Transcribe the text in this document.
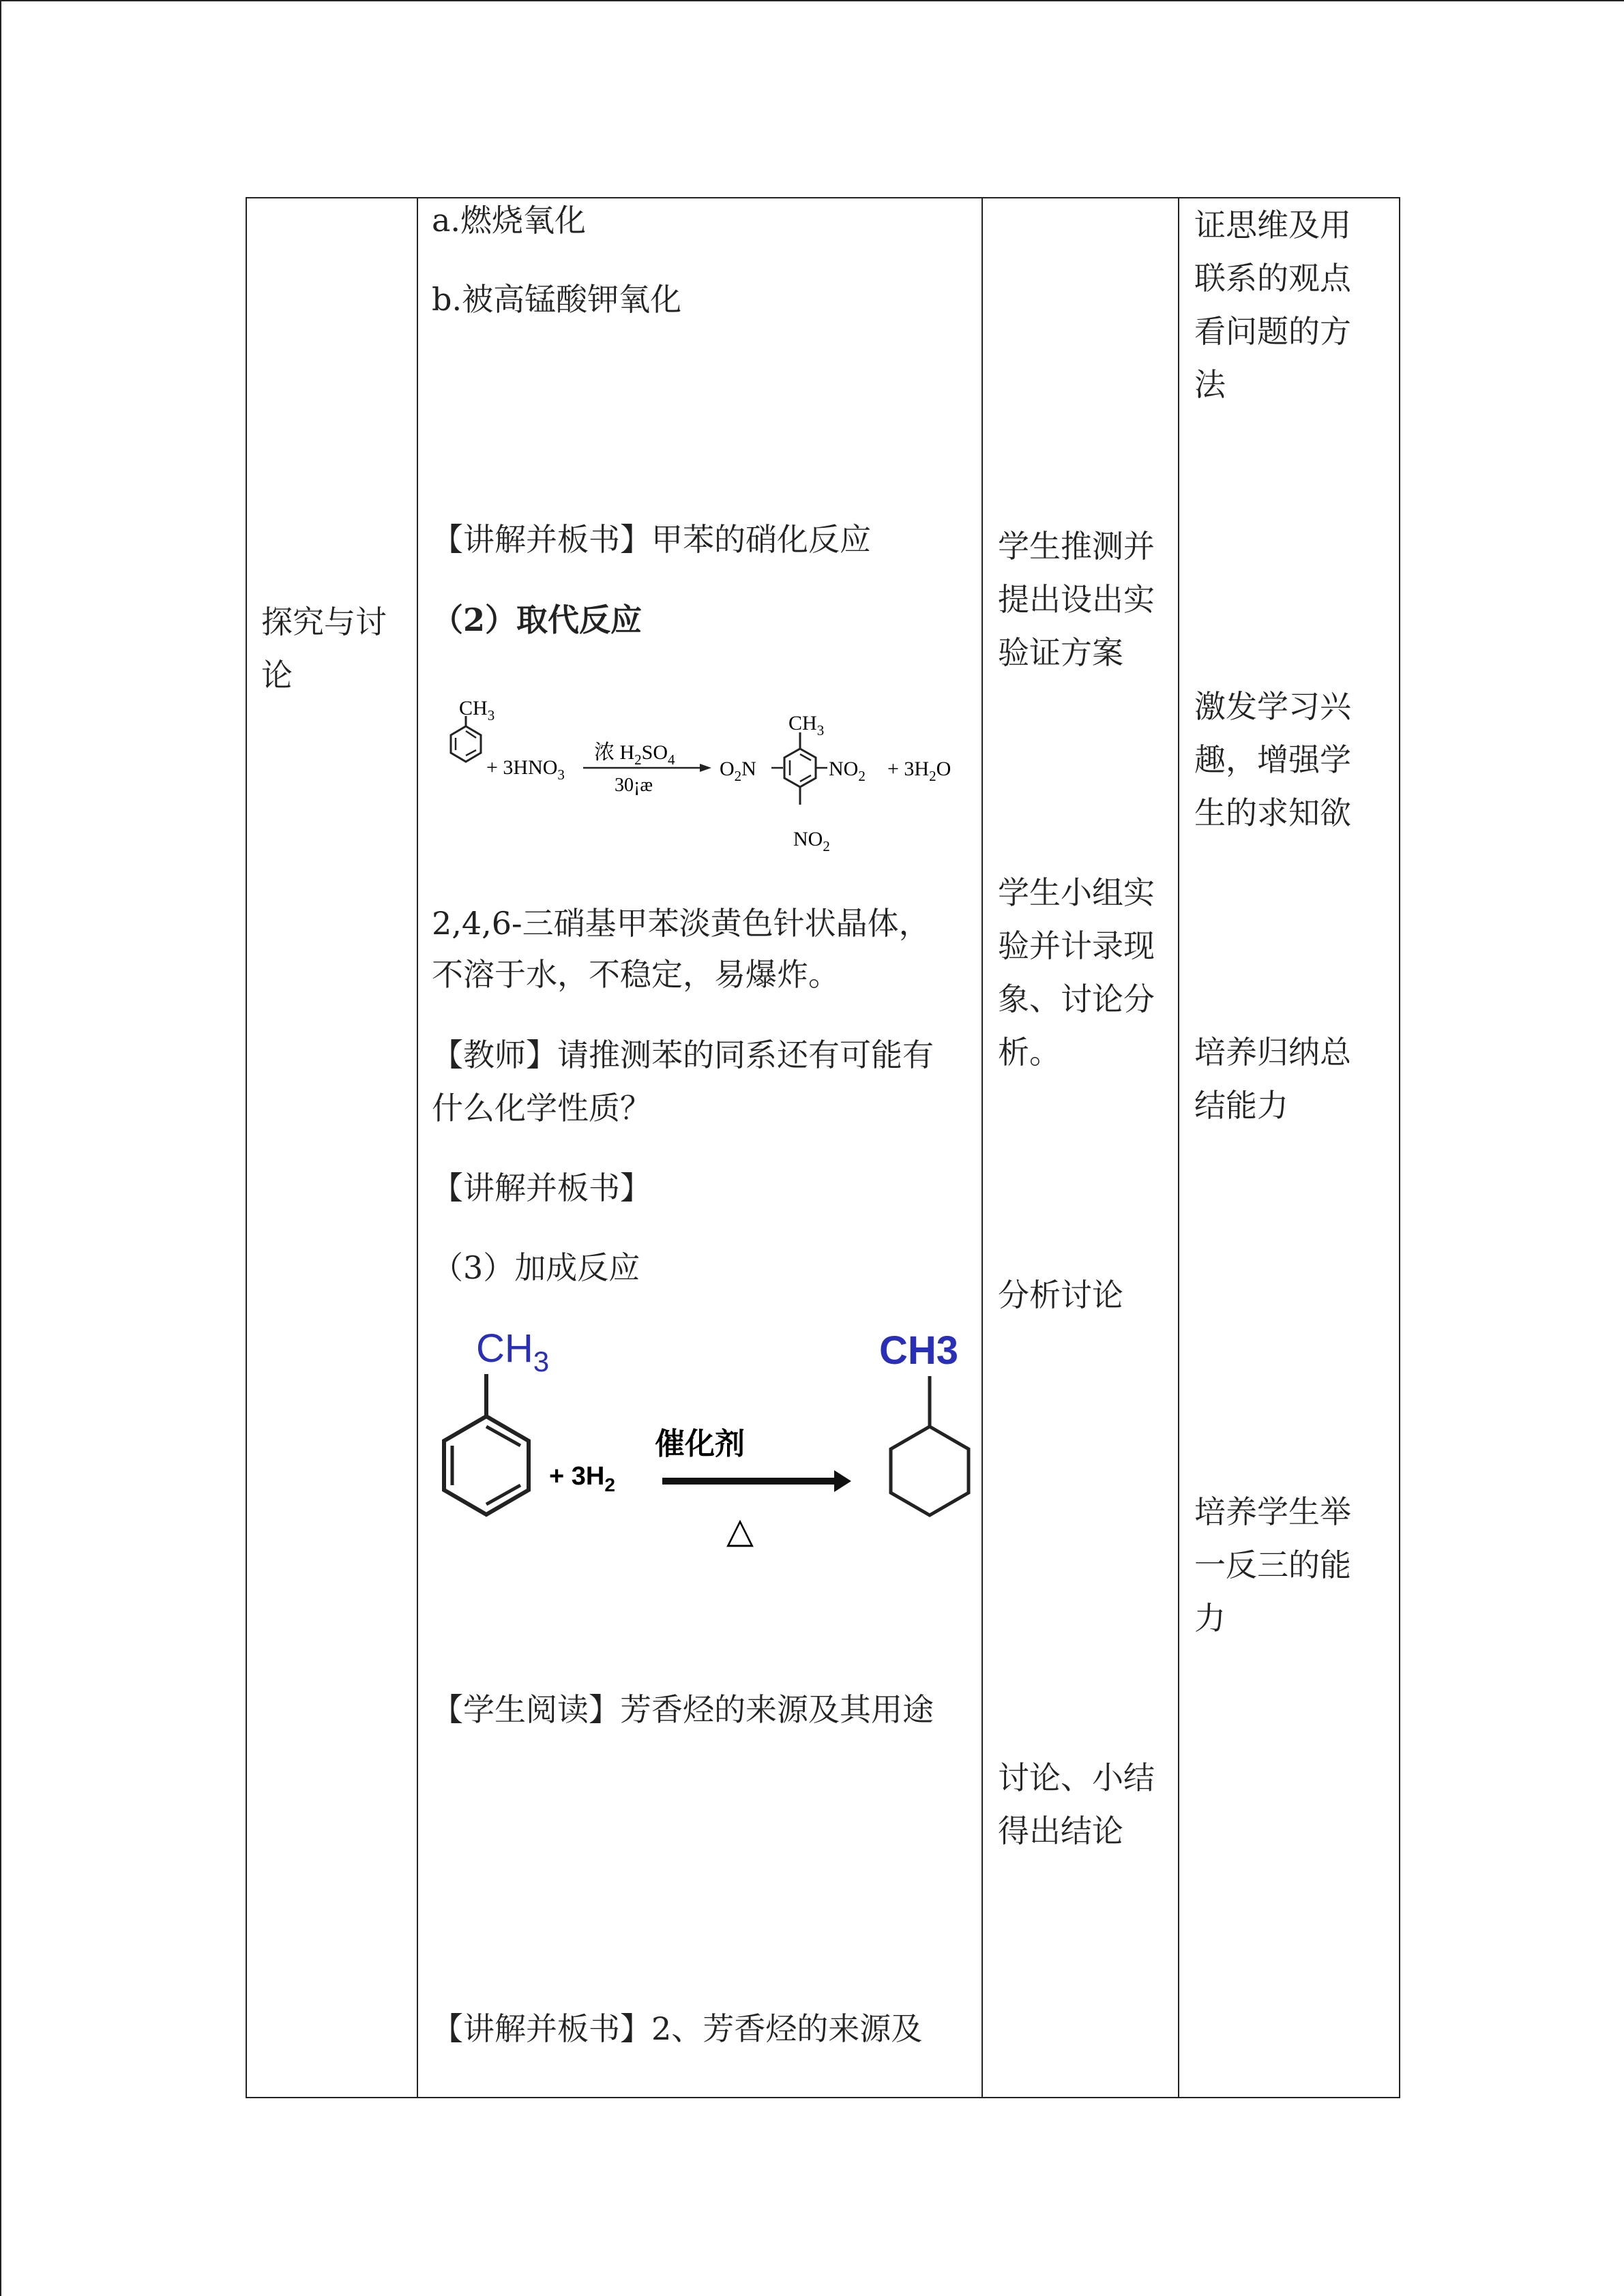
探究与讨
论
a.燃烧氧化
b.被高锰酸钾氧化
【讲解并板书】甲苯的硝化反应
（2）取代反应
$CH_3$
+ $3HNO_3$
浓 $H_2SO_4$
30¡æ
$O_2N$
$CH_3$
$NO_2 + 3H_2O$
$NO_2$
2,4,6-三硝基甲苯淡黄色针状晶体，
不溶于水，不稳定，易爆炸。
【教师】请推测苯的同系还有可能有
什么化学性质？
【讲解并板书】
（3）加成反应
$CH_3$
+ $3H_2$
催化剂
△
CH3
【学生阅读】芳香烃的来源及其用途
【讲解并板书】2、芳香烃的来源及
学生推测并
提出设出实
验证方案
学生小组实
验并计录现
象、讨论分
析。
分析讨论
讨论、小结
得出结论
证思维及用
联系的观点
看问题的方
法
激发学习兴
趣，增强学
生的求知欲
培养归纳总
结能力
培养学生举
一反三的能
力
